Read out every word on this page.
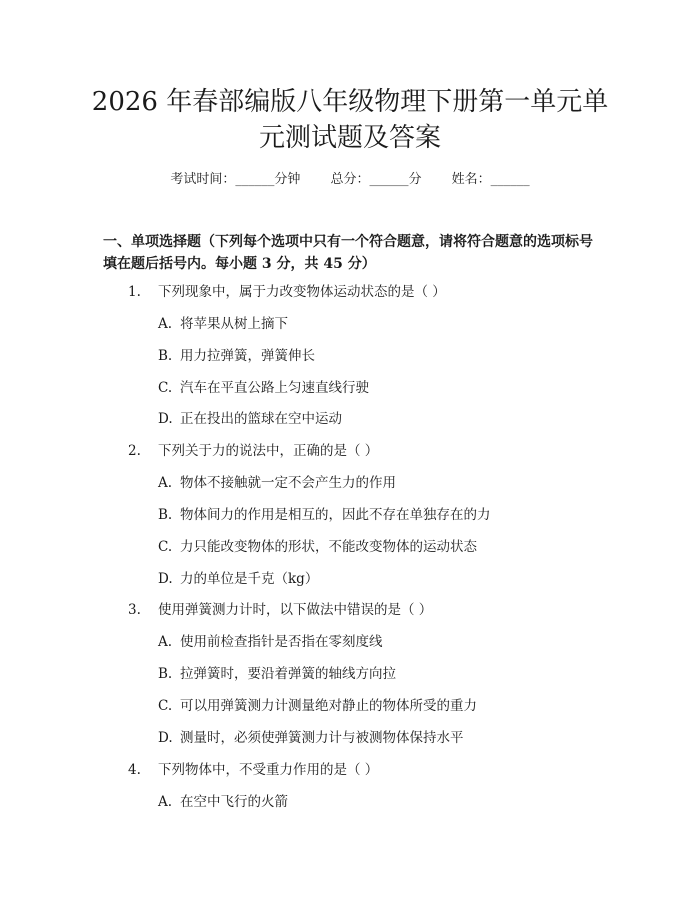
2026 年春部编版八年级物理下册第一单元单
元测试题及答案
考试时间：______分钟 总分：______分 姓名：______

一、单项选择题（下列每个选项中只有一个符合题意，请将符合题意的选项标号填在题后括号内。每小题 3 分，共 45 分）

1. 下列现象中，属于力改变物体运动状态的是（ ）
A. 将苹果从树上摘下
B. 用力拉弹簧，弹簧伸长
C. 汽车在平直公路上匀速直线行驶
D. 正在投出的篮球在空中运动
2. 下列关于力的说法中，正确的是（ ）
A. 物体不接触就一定不会产生力的作用
B. 物体间力的作用是相互的，因此不存在单独存在的力
C. 力只能改变物体的形状，不能改变物体的运动状态
D. 力的单位是千克（kg）
3. 使用弹簧测力计时，以下做法中错误的是（ ）
A. 使用前检查指针是否指在零刻度线
B. 拉弹簧时，要沿着弹簧的轴线方向拉
C. 可以用弹簧测力计测量绝对静止的物体所受的重力
D. 测量时，必须使弹簧测力计与被测物体保持水平
4. 下列物体中，不受重力作用的是（ ）
A. 在空中飞行的火箭
